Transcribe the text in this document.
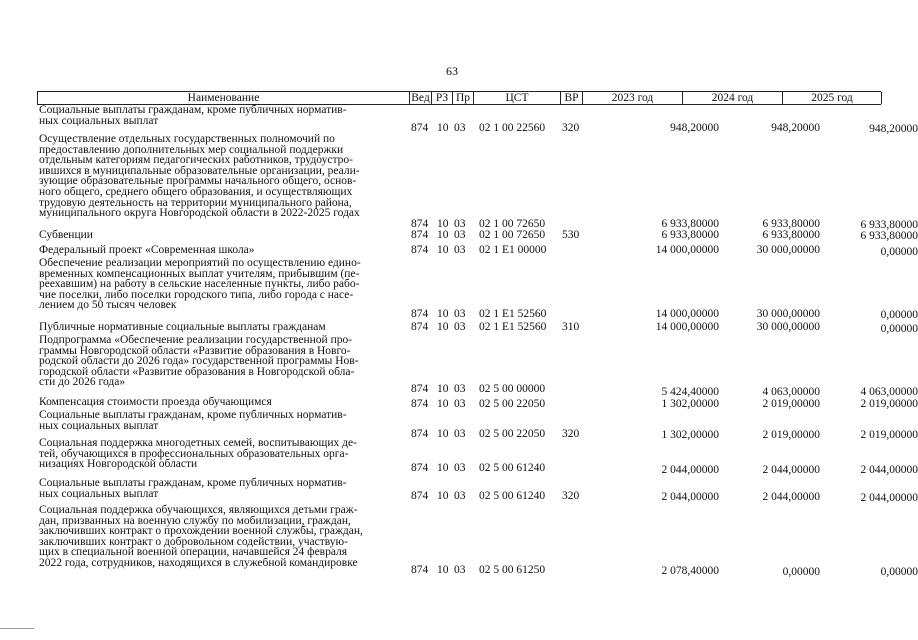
63
Наименование	Вед РЗ Пр	ЦСТ	ВР	2023 год	2024 год	2025 год
Социальные выплаты гражданам, кроме публичных норматив-
ных социальных выплат
874 10 03 02 1 00 22560 320	948,20000	948,20000	948,20000
Осуществление отдельных государственных полномочий по
предоставлению дополнительных мер социальной поддержки
отдельным категориям педагогических работников, трудоустро-
ившихся в муниципальные образовательные организации, реали-
зующие образовательные программы начального общего, основ-
ного общего, среднего общего образования, и осуществляющих
трудовую деятельность на территории муниципального района,
муниципального округа Новгородской области в 2022-2025 годах
874 10 03 02 1 00 72650	6 933,80000	6 933,80000	6 933,80000
Субвенции	874 10 03 02 1 00 72650 530	6 933,80000	6 933,80000	6 933,80000
Федеральный проект «Современная школа»	874 10 03 02 1 E1 00000	14 000,00000	30 000,00000	0,00000
Обеспечение реализации мероприятий по осуществлению едино-
временных компенсационных выплат учителям, прибывшим (пе-
реехавшим) на работу в сельские населенные пункты, либо рабо-
чие поселки, либо поселки городского типа, либо города с насе-
лением до 50 тысяч человек
874 10 03 02 1 E1 52560	14 000,00000	30 000,00000	0,00000
Публичные нормативные социальные выплаты гражданам	874 10 03 02 1 E1 52560 310	14 000,00000	30 000,00000	0,00000
Подпрограмма «Обеспечение реализации государственной про-
граммы Новгородской области «Развитие образования в Новго-
родской области до 2026 года» государственной программы Нов-
городской области «Развитие образования в Новгородской обла-
сти до 2026 года»
874 10 03 02 5 00 00000	5 424,40000	4 063,00000	4 063,00000
Компенсация стоимости проезда обучающимся	874 10 03 02 5 00 22050	1 302,00000	2 019,00000	2 019,00000
Социальные выплаты гражданам, кроме публичных норматив-
ных социальных выплат
874 10 03 02 5 00 22050 320	1 302,00000	2 019,00000	2 019,00000
Социальная поддержка многодетных семей, воспитывающих де-
тей, обучающихся в профессиональных образовательных орга-
низациях Новгородской области	874 10 03 02 5 00 61240	2 044,00000	2 044,00000	2 044,00000
Социальные выплаты гражданам, кроме публичных норматив-
ных социальных выплат	874 10 03 02 5 00 61240 320	2 044,00000	2 044,00000	2 044,00000
Социальная поддержка обучающихся, являющихся детьми граж-
дан, призванных на военную службу по мобилизации, граждан,
заключивших контракт о прохождении военной службы, граждан,
заключивших контракт о добровольном содействии, участвую-
щих в специальной военной операции, начавшейся 24 февраля
2022 года, сотрудников, находящихся в служебной командировке
874 10 03 02 5 00 61250	2 078,40000	0,00000	0,00000
